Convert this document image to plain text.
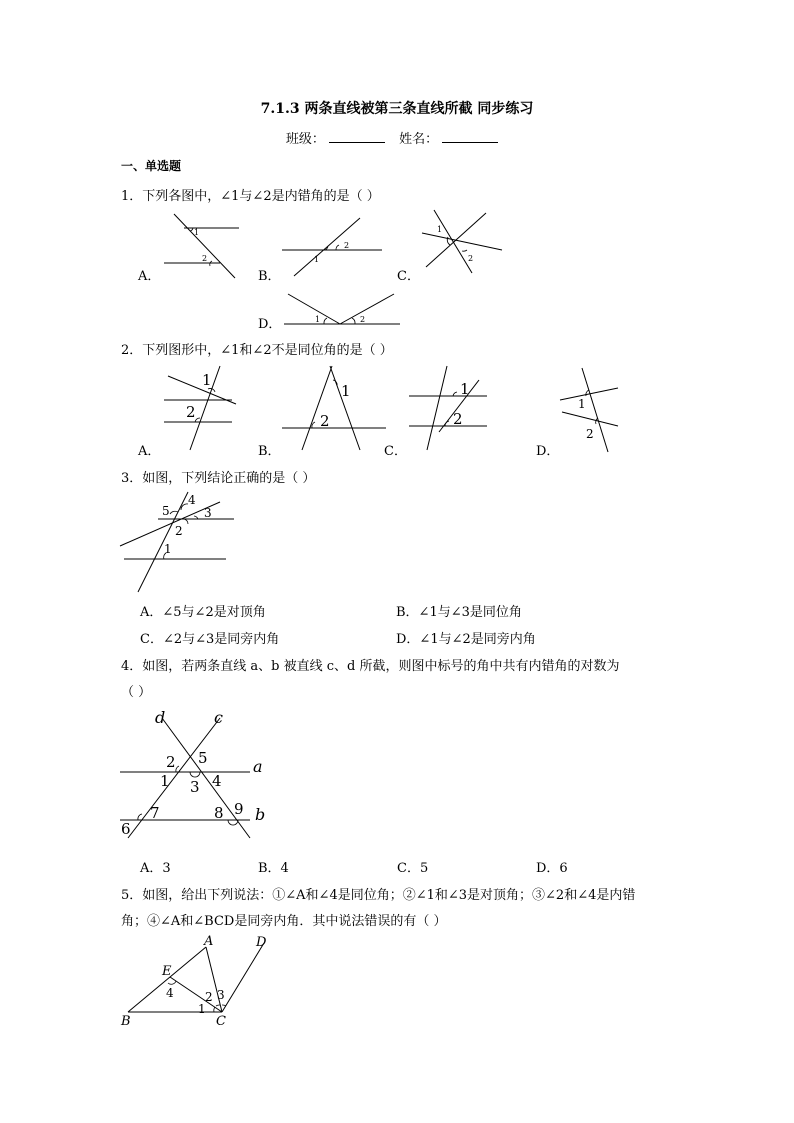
7.1.3 两条直线被第三条直线所截 同步练习
班级：	姓名：
一、单选题
1．下列各图中，∠1与∠2是内错角的是（ ）
A．	B．	C．
D．
1
2	1
2
1
2
1	2
2．下列图形中，∠1和∠2不是同位角的是（ ）
A．	B．	C．	D．
1
2
1
2
1
2
1
2
3．如图，下列结论正确的是（ ）
5
4
3
2
1
A．∠5与∠2是对顶角	B．∠1与∠3是同位角
C．∠2与∠3是同旁内角	D．∠1与∠2是同旁内角
4．如图，若两条直线 a、b 被直线 c、d 所截，则图中标号的角中共有内错角的对数为
（ ）
d	c
a
b
2 5
1	4
3
9
8
7
6
A．3	B．4	C．5	D．6
5．如图，给出下列说法：①∠A和∠4是同位角；②∠1和∠3是对顶角；③∠2和∠4是内错
角；④∠A和∠BCD是同旁内角．其中说法错误的有（ ）
A	D
E
B	C
4
1
2 3
